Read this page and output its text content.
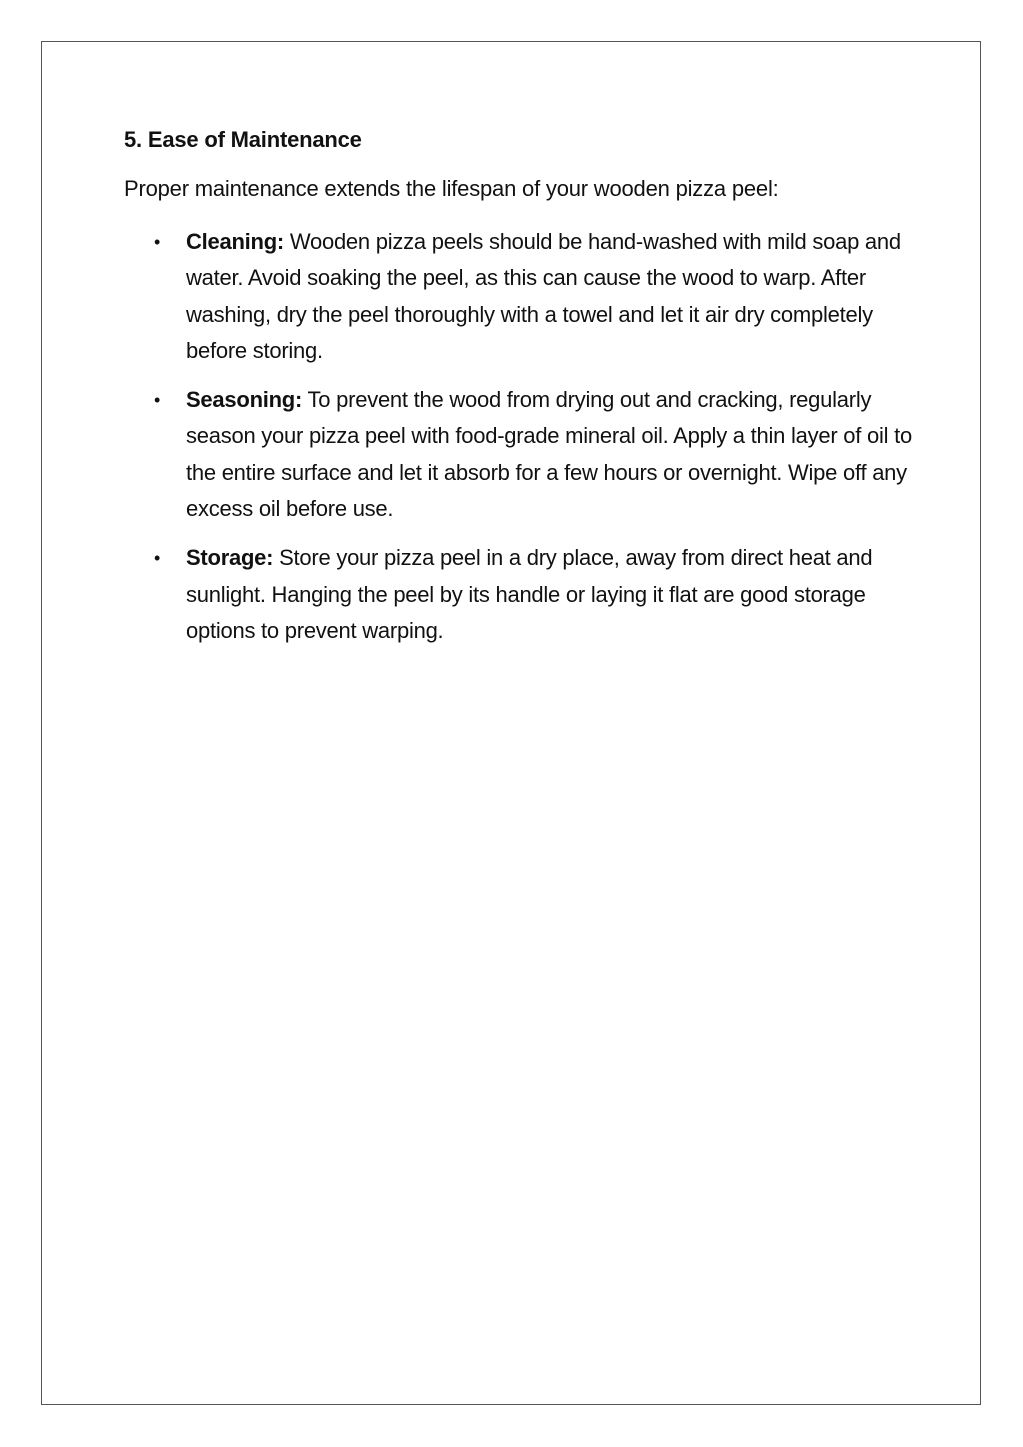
5. Ease of Maintenance

Proper maintenance extends the lifespan of your wooden pizza peel:

• Cleaning: Wooden pizza peels should be hand-washed with mild soap and water. Avoid soaking the peel, as this can cause the wood to warp. After washing, dry the peel thoroughly with a towel and let it air dry completely before storing.
• Seasoning: To prevent the wood from drying out and cracking, regularly season your pizza peel with food-grade mineral oil. Apply a thin layer of oil to the entire surface and let it absorb for a few hours or overnight. Wipe off any excess oil before use.
• Storage: Store your pizza peel in a dry place, away from direct heat and sunlight. Hanging the peel by its handle or laying it flat are good storage options to prevent warping.
